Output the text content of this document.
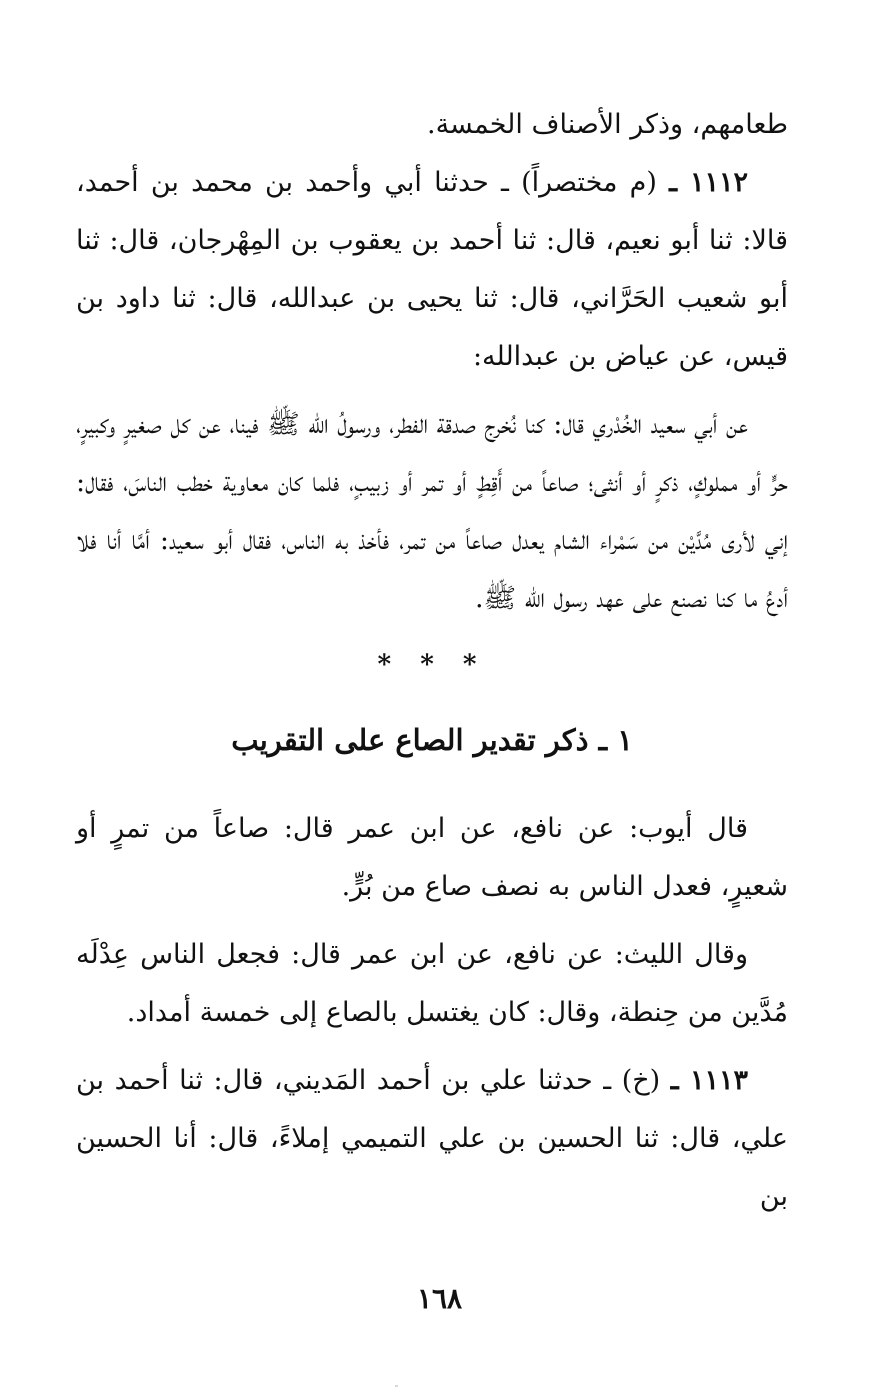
طعامهم، وذكر الأصناف الخمسة.

١١١٢ ـ (م مختصراً) ـ حدثنا أبي وأحمد بن محمد بن أحمد، قالا: ثنا أبو نعيم، قال: ثنا أحمد بن يعقوب بن المِهْرجان، قال: ثنا أبو شعيب الحَرَّاني، قال: ثنا يحيى بن عبدالله، قال: ثنا داود بن قيس، عن عياض بن عبدالله:

عن أبي سعيد الخُدْري قال: كنا نُخرج صدقة الفطر، ورسولُ الله ﷺ فينا، عن كل صغيرٍ وكبيرٍ، حرٍّ أو مملوكٍ، ذكرٍ أو أنثى؛ صاعاً من أَقِطٍ أو تمر أو زبيبٍ، فلما كان معاوية خطب الناسَ، فقال: إني لأرى مُدَّيْن من سَمْراء الشام يعدل صاعاً من تمر، فأخذ به الناس، فقال أبو سعيد: أمَّا أنا فلا أدعُ ما كنا نصنع على عهد رسول الله ﷺ.

* * *
١ ـ ذكر تقدير الصاع على التقريب

قال أيوب: عن نافع، عن ابن عمر قال: صاعاً من تمرٍ أو شعيرٍ، فعدل الناس به نصف صاع من بُرٍّ.

وقال الليث: عن نافع، عن ابن عمر قال: فجعل الناس عِدْلَه مُدَّين من حِنطة، وقال: كان يغتسل بالصاع إلى خمسة أمداد.

١١١٣ ـ (خ) ـ حدثنا علي بن أحمد المَديني، قال: ثنا أحمد بن علي، قال: ثنا الحسين بن علي التميمي إملاءً، قال: أنا الحسين بن

١٦٨
